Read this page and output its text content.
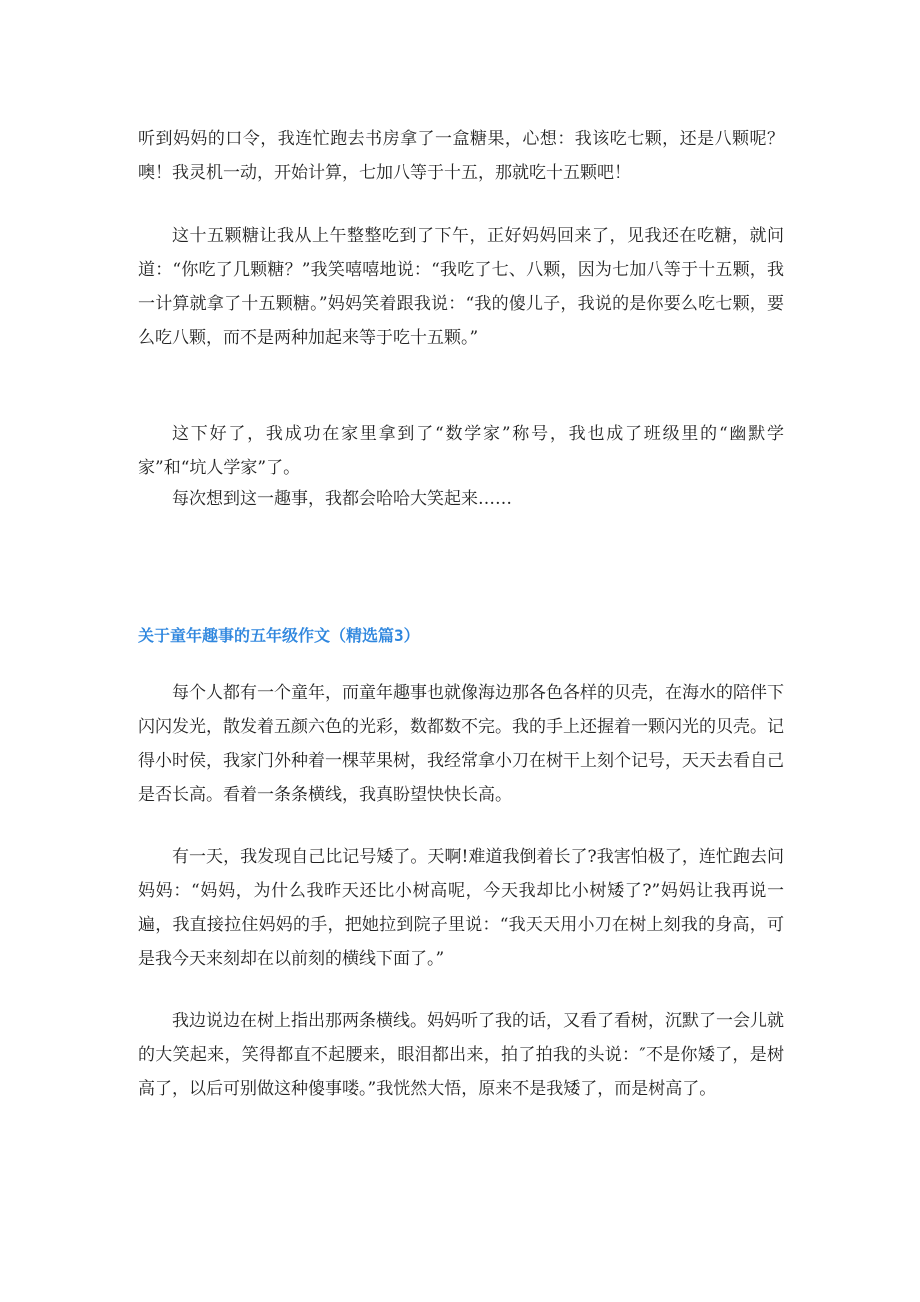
听到妈妈的口令，我连忙跑去书房拿了一盒糖果，心想：我该吃七颗，还是八颗呢？噢！我灵机一动，开始计算，七加八等于十五，那就吃十五颗吧！

这十五颗糖让我从上午整整吃到了下午，正好妈妈回来了，见我还在吃糖，就问道：“你吃了几颗糖？”我笑嘻嘻地说：“我吃了七、八颗，因为七加八等于十五颗，我一计算就拿了十五颗糖。”妈妈笑着跟我说：“我的傻儿子，我说的是你要么吃七颗，要么吃八颗，而不是两种加起来等于吃十五颗。”

这下好了，我成功在家里拿到了“数学家”称号，我也成了班级里的“幽默学家”和“坑人学家”了。

每次想到这一趣事，我都会哈哈大笑起来……

关于童年趣事的五年级作文（精选篇3）

每个人都有一个童年，而童年趣事也就像海边那各色各样的贝壳，在海水的陪伴下闪闪发光，散发着五颜六色的光彩，数都数不完。我的手上还握着一颗闪光的贝壳。记得小时侯，我家门外种着一棵苹果树，我经常拿小刀在树干上刻个记号，天天去看自己是否长高。看着一条条横线，我真盼望快快长高。

有一天，我发现自己比记号矮了。天啊!难道我倒着长了?我害怕极了，连忙跑去问妈妈：“妈妈，为什么我昨天还比小树高呢，今天我却比小树矮了?”妈妈让我再说一遍，我直接拉住妈妈的手，把她拉到院子里说：“我天天用小刀在树上刻我的身高，可是我今天来刻却在以前刻的横线下面了。”

我边说边在树上指出那两条横线。妈妈听了我的话，又看了看树，沉默了一会儿就的大笑起来，笑得都直不起腰来，眼泪都出来，拍了拍我的头说：″不是你矮了，是树高了，以后可别做这种傻事喽。”我恍然大悟，原来不是我矮了，而是树高了。
